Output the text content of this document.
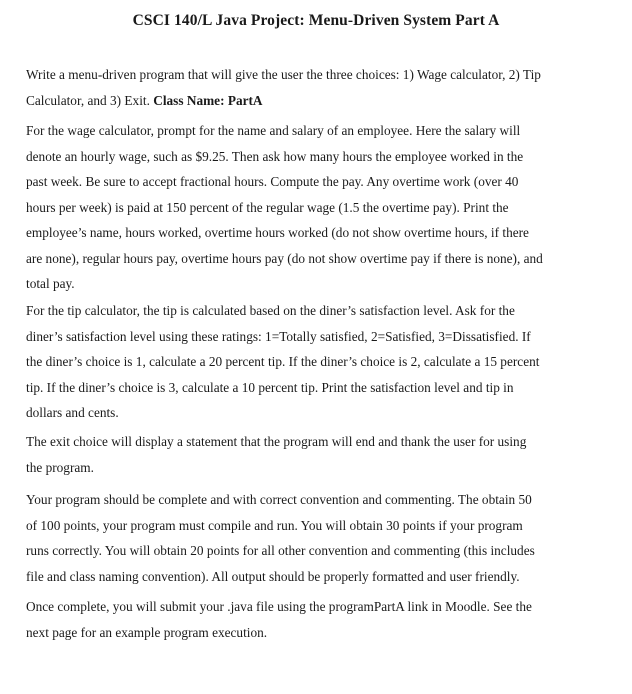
CSCI 140/L Java Project: Menu-Driven System Part A

Write a menu-driven program that will give the user the three choices: 1) Wage calculator, 2) Tip
Calculator, and 3) Exit. Class Name: PartA

For the wage calculator, prompt for the name and salary of an employee. Here the salary will
denote an hourly wage, such as $9.25. Then ask how many hours the employee worked in the
past week. Be sure to accept fractional hours. Compute the pay. Any overtime work (over 40
hours per week) is paid at 150 percent of the regular wage (1.5 the overtime pay). Print the
employee’s name, hours worked, overtime hours worked (do not show overtime hours, if there
are none), regular hours pay, overtime hours pay (do not show overtime pay if there is none), and
total pay.

For the tip calculator, the tip is calculated based on the diner’s satisfaction level. Ask for the
diner’s satisfaction level using these ratings: 1=Totally satisfied, 2=Satisfied, 3=Dissatisfied. If
the diner’s choice is 1, calculate a 20 percent tip. If the diner’s choice is 2, calculate a 15 percent
tip. If the diner’s choice is 3, calculate a 10 percent tip. Print the satisfaction level and tip in
dollars and cents.

The exit choice will display a statement that the program will end and thank the user for using
the program.

Your program should be complete and with correct convention and commenting. The obtain 50
of 100 points, your program must compile and run. You will obtain 30 points if your program
runs correctly. You will obtain 20 points for all other convention and commenting (this includes
file and class naming convention). All output should be properly formatted and user friendly.

Once complete, you will submit your .java file using the programPartA link in Moodle. See the
next page for an example program execution.
